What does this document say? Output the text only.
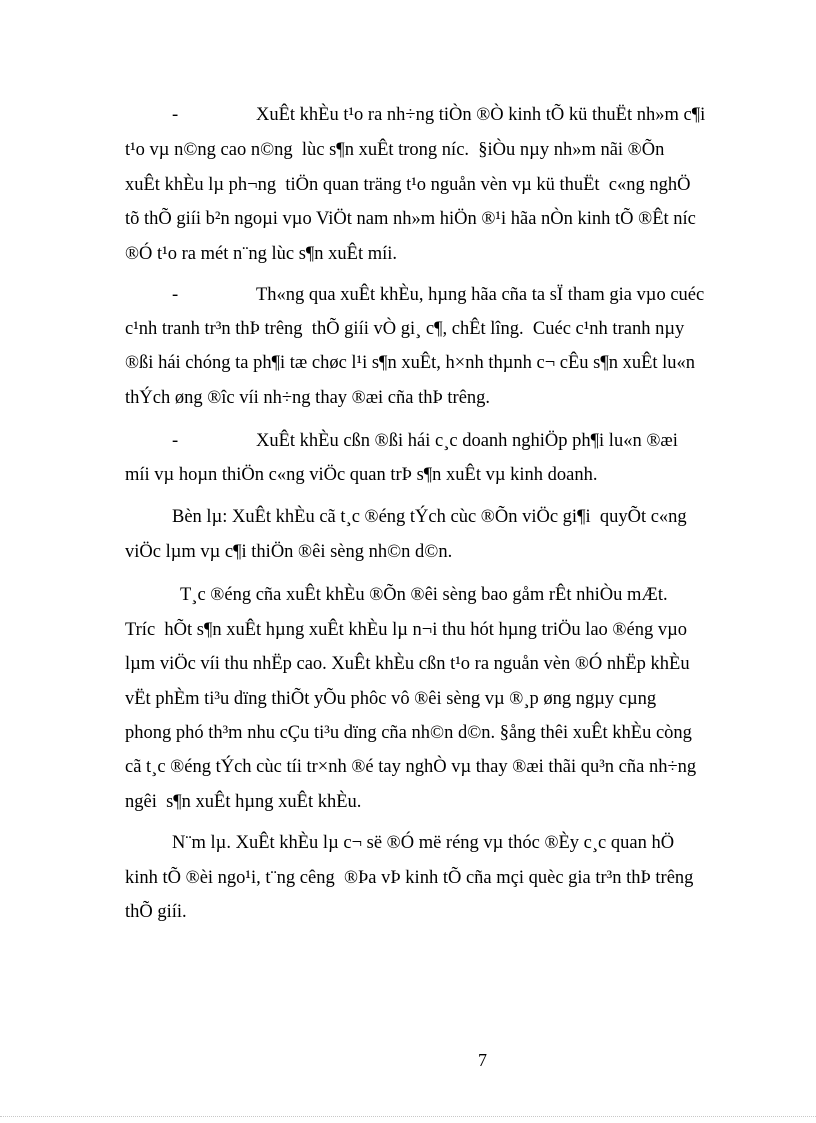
-	XuÊt khÈu t¹o ra nh÷ng tiÒn ®Ò kinh tÕ kü thuËt nh»m c¶i
t¹o vµ n©ng cao n©ng  lùc s¶n xuÊt trong níc.  §iÒu nµy nh»m nãi ®Õn
xuÊt khÈu lµ ph¬ng  tiÖn quan träng t¹o nguån vèn vµ kü thuËt  c«ng nghÖ
tõ thÕ giíi b²n ngoµi vµo ViÖt nam nh»m hiÖn ®¹i hãa nÒn kinh tÕ ®Êt níc
®Ó t¹o ra mét n¨ng lùc s¶n xuÊt míi.
-	Th«ng qua xuÊt khÈu, hµng hãa cña ta sÏ tham gia vµo cuéc
c¹nh tranh tr³n thÞ trêng  thÕ giíi vÒ gi¸ c¶, chÊt lîng.  Cuéc c¹nh tranh nµy
®ßi hái chóng ta ph¶i tæ chøc l¹i s¶n xuÊt, h×nh thµnh c¬ cÊu s¶n xuÊt lu«n
thÝch øng ®îc víi nh÷ng thay ®æi cña thÞ trêng.
-	XuÊt khÈu cßn ®ßi hái c¸c doanh nghiÖp ph¶i lu«n ®æi
míi vµ hoµn thiÖn c«ng viÖc quan trÞ s¶n xuÊt vµ kinh doanh.
Bèn lµ: XuÊt khÈu cã t¸c ®éng tÝch cùc ®Õn viÖc gi¶i  quyÕt c«ng
viÖc lµm vµ c¶i thiÖn ®êi sèng nh©n d©n.
T¸c ®éng cña xuÊt khÈu ®Õn ®êi sèng bao gåm rÊt nhiÒu mÆt.
Tríc  hÕt s¶n xuÊt hµng xuÊt khÈu lµ n¬i thu hót hµng triÖu lao ®éng vµo
lµm viÖc víi thu nhËp cao. XuÊt khÈu cßn t¹o ra nguån vèn ®Ó nhËp khÈu
vËt phÈm ti³u dïng thiÕt yÕu phôc vô ®êi sèng vµ ®¸p øng ngµy cµng
phong phó th³m nhu cÇu ti³u dïng cña nh©n d©n. §ång thêi xuÊt khÈu còng
cã t¸c ®éng tÝch cùc tíi tr×nh ®é tay nghÒ vµ thay ®æi thãi qu³n cña nh÷ng
ngêi  s¶n xuÊt hµng xuÊt khÈu.
N¨m lµ. XuÊt khÈu lµ c¬ së ®Ó më réng vµ thóc ®Èy c¸c quan hÖ
kinh tÕ ®èi ngo¹i, t¨ng cêng  ®Þa vÞ kinh tÕ cña mçi quèc gia tr³n thÞ trêng
thÕ giíi.
7
